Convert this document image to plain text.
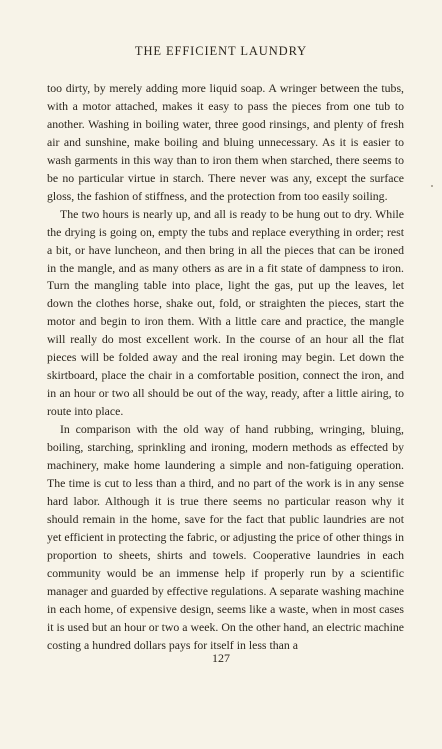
THE EFFICIENT LAUNDRY

too dirty, by merely adding more liquid soap. A wringer between the tubs, with a motor attached, makes it easy to pass the pieces from one tub to another. Washing in boiling water, three good rinsings, and plenty of fresh air and sunshine, make boiling and bluing unnecessary. As it is easier to wash garments in this way than to iron them when starched, there seems to be no particular virtue in starch. There never was any, except the surface gloss, the fashion of stiffness, and the protection from too easily soiling.

The two hours is nearly up, and all is ready to be hung out to dry. While the drying is going on, empty the tubs and replace everything in order; rest a bit, or have luncheon, and then bring in all the pieces that can be ironed in the mangle, and as many others as are in a fit state of dampness to iron. Turn the mangling table into place, light the gas, put up the leaves, let down the clothes horse, shake out, fold, or straighten the pieces, start the motor and begin to iron them. With a little care and practice, the mangle will really do most excellent work. In the course of an hour all the flat pieces will be folded away and the real ironing may begin. Let down the skirtboard, place the chair in a comfortable position, connect the iron, and in an hour or two all should be out of the way, ready, after a little airing, to route into place.

In comparison with the old way of hand rubbing, wringing, bluing, boiling, starching, sprinkling and ironing, modern methods as effected by machinery, make home laundering a simple and non-fatiguing operation. The time is cut to less than a third, and no part of the work is in any sense hard labor. Although it is true there seems no particular reason why it should remain in the home, save for the fact that public laundries are not yet efficient in protecting the fabric, or adjusting the price of other things in proportion to sheets, shirts and towels. Cooperative laundries in each community would be an immense help if properly run by a scientific manager and guarded by effective regulations. A separate washing machine in each home, of expensive design, seems like a waste, when in most cases it is used but an hour or two a week. On the other hand, an electric machine costing a hundred dollars pays for itself in less than a

127
